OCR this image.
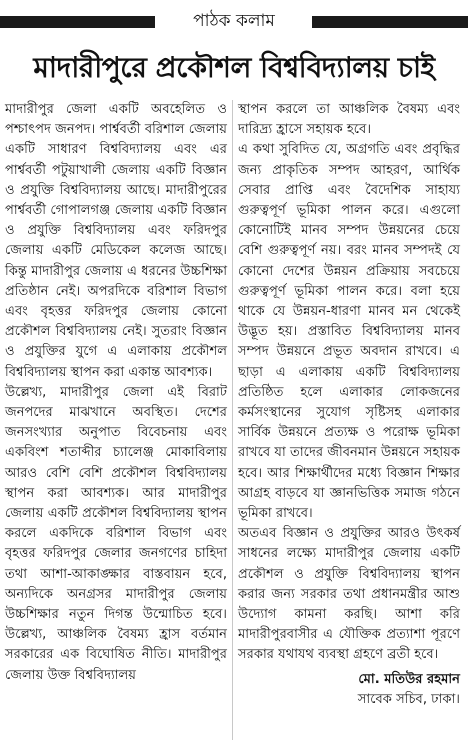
পাঠক কলাম
মাদারীপুরে প্রকৌশল বিশ্ববিদ্যালয় চাই

মাদারীপুর জেলা একটি অবহেলিত ও পশ্চাৎপদ জনপদ। পার্শ্ববর্তী বরিশাল জেলায় একটি সাধারণ বিশ্ববিদ্যালয় এবং এর পার্শ্ববর্তী পটুয়াখালী জেলায় একটি বিজ্ঞান ও প্রযুক্তি বিশ্ববিদ্যালয় আছে। মাদারীপুরের পার্শ্ববর্তী গোপালগঞ্জ জেলায় একটি বিজ্ঞান ও প্রযুক্তি বিশ্ববিদ্যালয় এবং ফরিদপুর জেলায় একটি মেডিকেল কলেজ আছে। কিন্তু মাদারীপুর জেলায় এ ধরনের উচ্চশিক্ষা প্রতিষ্ঠান নেই। অপরদিকে বরিশাল বিভাগ এবং বৃহত্তর ফরিদপুর জেলায় কোনো প্রকৌশল বিশ্ববিদ্যালয় নেই। সুতরাং বিজ্ঞান ও প্রযুক্তির যুগে এ এলাকায় প্রকৌশল বিশ্ববিদ্যালয় স্থাপন করা একান্ত আবশ্যক।

উল্লেখ্য, মাদারীপুর জেলা এই বিরাট জনপদের মাঝখানে অবস্থিত। দেশের জনসংখ্যার অনুপাত বিবেচনায় এবং একবিংশ শতাব্দীর চ্যালেঞ্জ মোকাবিলায় আরও বেশি বেশি প্রকৌশল বিশ্ববিদ্যালয় স্থাপন করা আবশ্যক। আর মাদারীপুর জেলায় একটি প্রকৌশল বিশ্ববিদ্যালয় স্থাপন করলে একদিকে বরিশাল বিভাগ এবং বৃহত্তর ফরিদপুর জেলার জনগণের চাহিদা তথা আশা-আকাঙ্ক্ষার বাস্তবায়ন হবে, অন্যদিকে অনগ্রসর মাদারীপুর জেলায় উচ্চশিক্ষার নতুন দিগন্ত উন্মোচিত হবে। উল্লেখ্য, আঞ্চলিক বৈষম্য হ্রাস বর্তমান সরকারের এক বিঘোষিত নীতি। মাদারীপুর জেলায় উক্ত বিশ্ববিদ্যালয়

স্থাপন করলে তা আঞ্চলিক বৈষম্য এবং দারিদ্র্য হ্রাসে সহায়ক হবে।

এ কথা সুবিদিত যে, অগ্রগতি এবং প্রবৃদ্ধির জন্য প্রাকৃতিক সম্পদ আহরণ, আর্থিক সেবার প্রাপ্তি এবং বৈদেশিক সাহায্য গুরুত্বপূর্ণ ভূমিকা পালন করে। এগুলো কোনোটিই মানব সম্পদ উন্নয়নের চেয়ে বেশি গুরুত্বপূর্ণ নয়। বরং মানব সম্পদই যে কোনো দেশের উন্নয়ন প্রক্রিয়ায় সবচেয়ে গুরুত্বপূর্ণ ভূমিকা পালন করে। বলা হয়ে থাকে যে উন্নয়ন-ধারণা মানব মন থেকেই উদ্ভূত হয়। প্রস্তাবিত বিশ্ববিদ্যালয় মানব সম্পদ উন্নয়নে প্রভূত অবদান রাখবে। এ ছাড়া এ এলাকায় একটি বিশ্ববিদ্যালয় প্রতিষ্ঠিত হলে এলাকার লোকজনের কর্মসংস্থানের সুযোগ সৃষ্টিসহ এলাকার সার্বিক উন্নয়নে প্রত্যক্ষ ও পরোক্ষ ভূমিকা রাখবে যা তাদের জীবনমান উন্নয়নে সহায়ক হবে। আর শিক্ষার্থীদের মধ্যে বিজ্ঞান শিক্ষার আগ্রহ বাড়বে যা জ্ঞানভিত্তিক সমাজ গঠনে ভূমিকা রাখবে।

অতএব বিজ্ঞান ও প্রযুক্তির আরও উৎকর্ষ সাধনের লক্ষ্যে মাদারীপুর জেলায় একটি প্রকৌশল ও প্রযুক্তি বিশ্ববিদ্যালয় স্থাপন করার জন্য সরকার তথা প্রধানমন্ত্রীর আশু উদ্যোগ কামনা করছি। আশা করি মাদারীপুরবাসীর এ যৌক্তিক প্রত্যাশা পূরণে সরকার যথাযথ ব্যবস্থা গ্রহণে ব্রতী হবে।

মো. মতিউর রহমান
সাবেক সচিব, ঢাকা।
